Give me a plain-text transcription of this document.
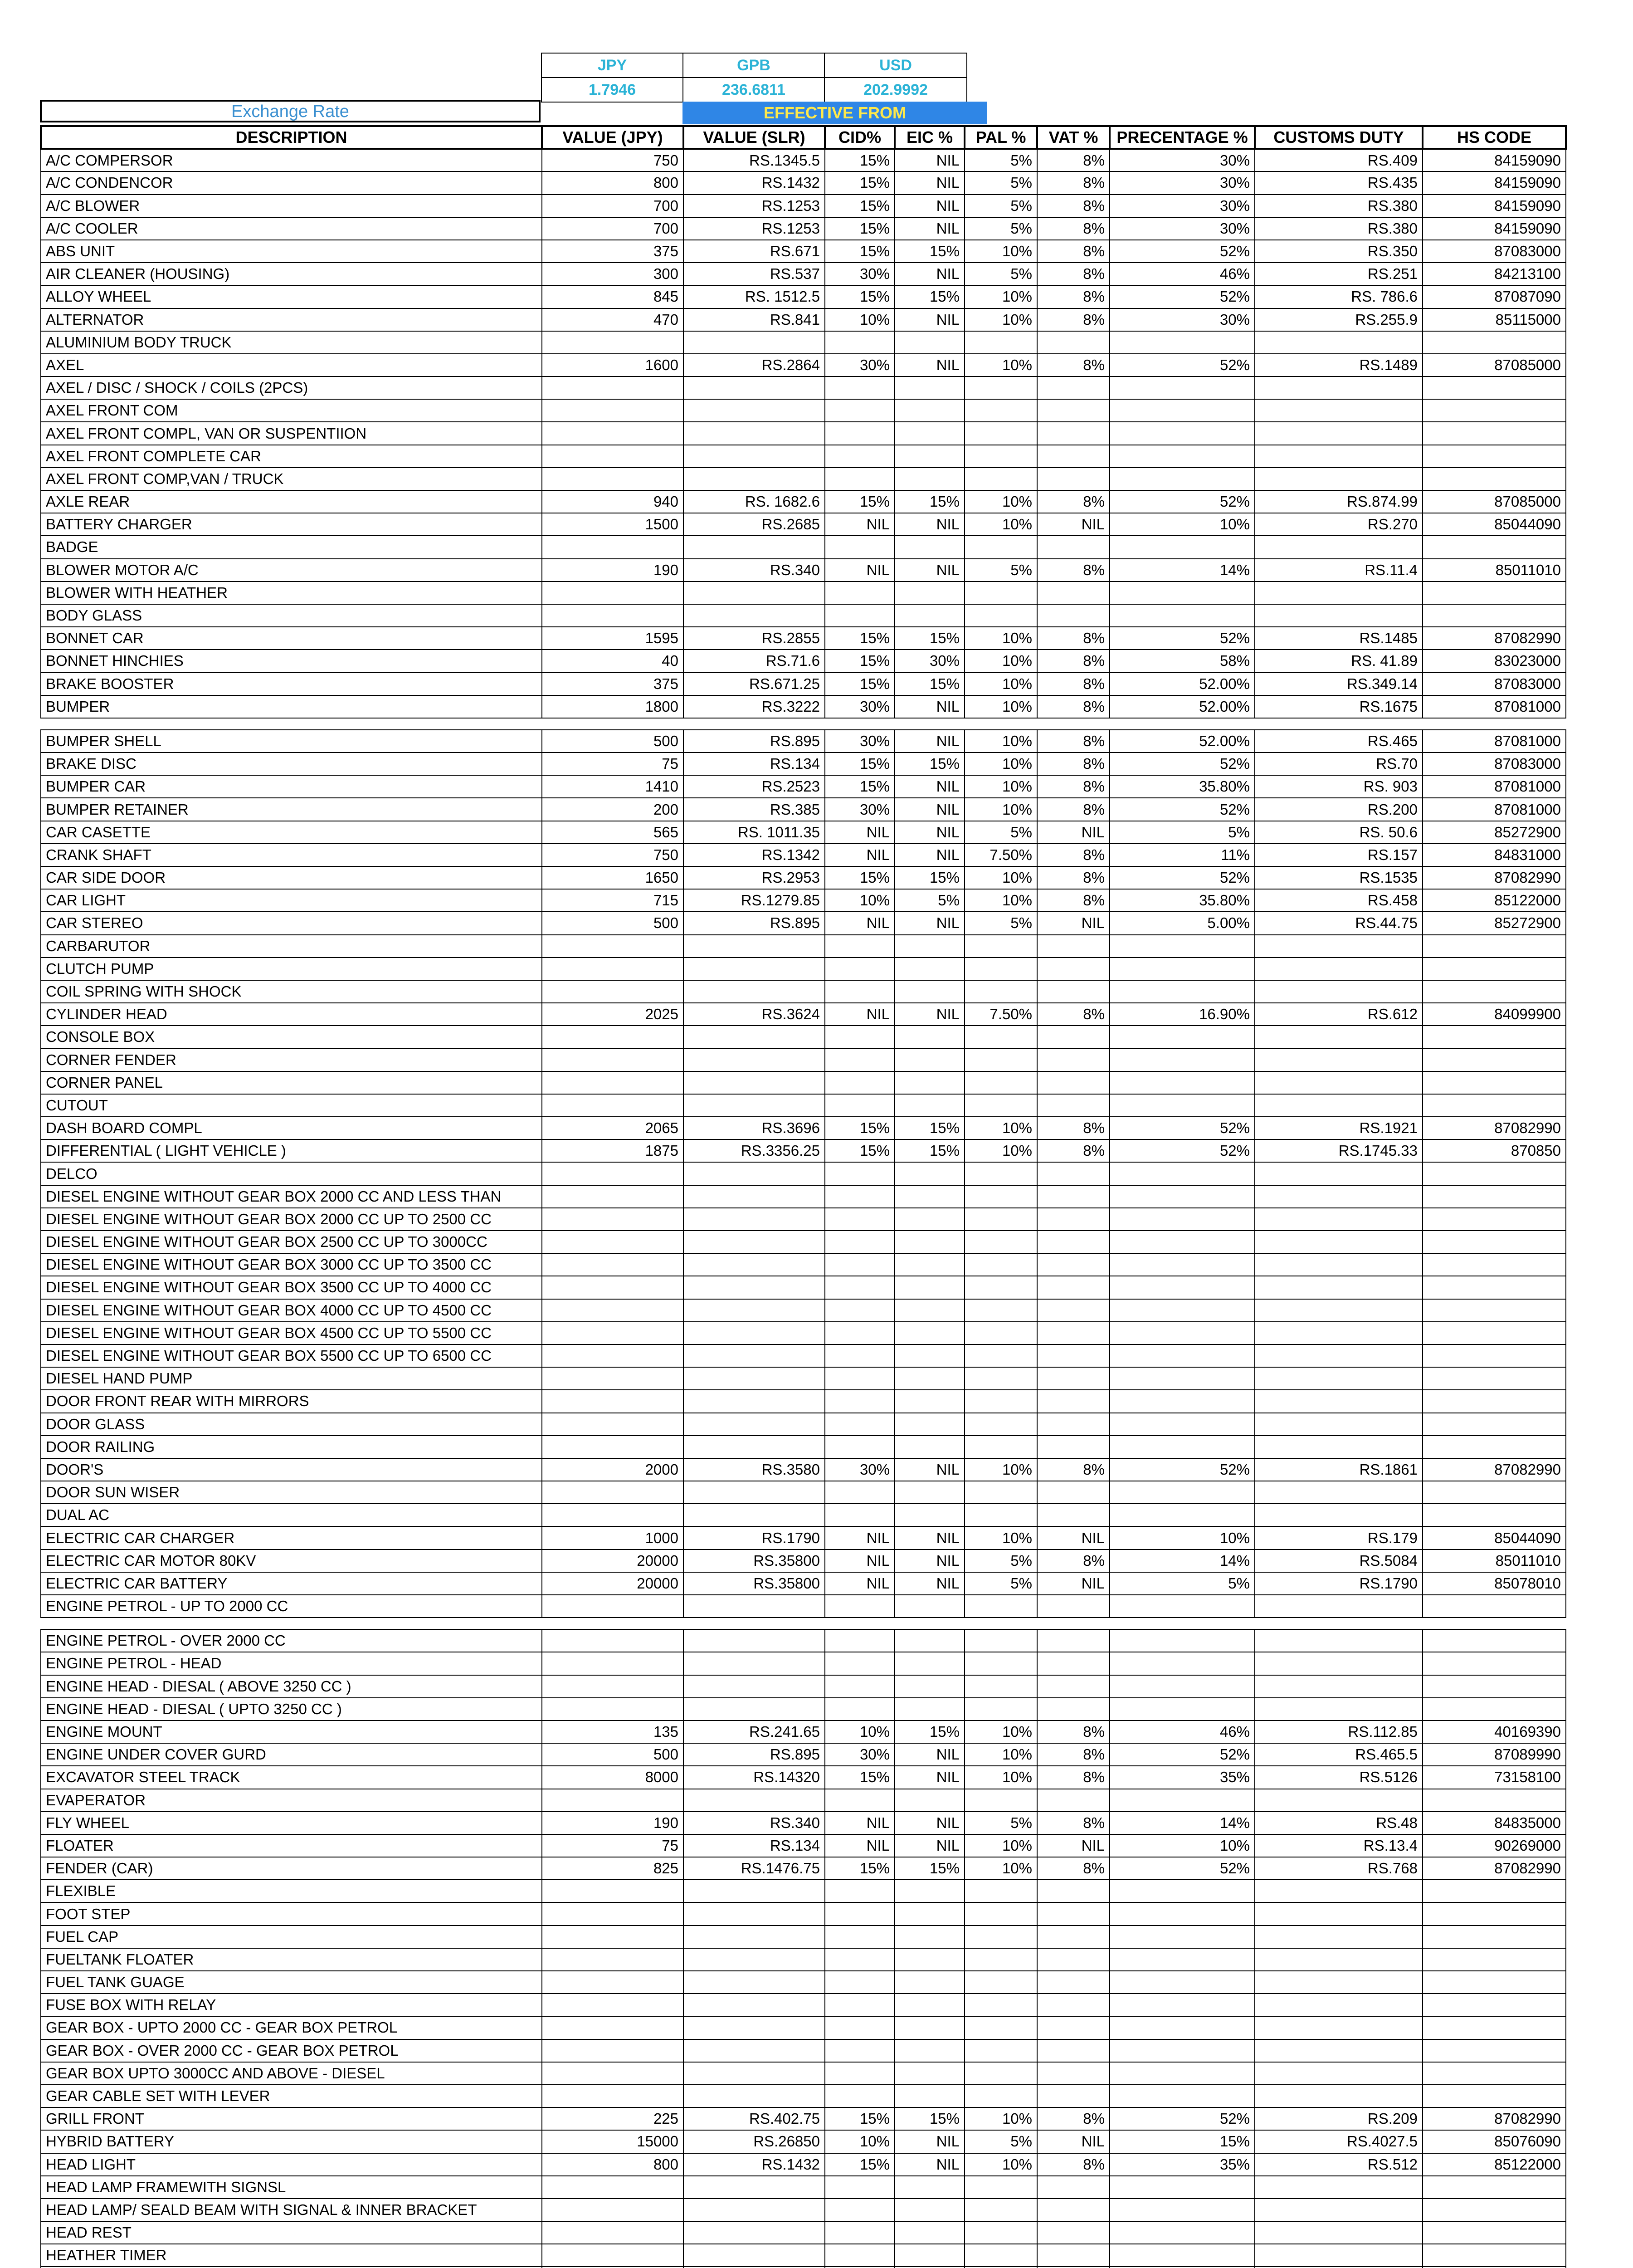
JPY	GPB	USD
1.7946	236.6811	202.9992
Exchange Rate	EFFECTIVE FROM
DESCRIPTION	VALUE (JPY)	VALUE (SLR)	CID%	EIC %	PAL %	VAT %	PRECENTAGE %	CUSTOMS DUTY	HS CODE
A/C COMPERSOR	750	RS.1345.5	15%	NIL	5%	8%	30%	RS.409	84159090
A/C CONDENCOR	800	RS.1432	15%	NIL	5%	8%	30%	RS.435	84159090
A/C BLOWER	700	RS.1253	15%	NIL	5%	8%	30%	RS.380	84159090
A/C COOLER	700	RS.1253	15%	NIL	5%	8%	30%	RS.380	84159090
ABS UNIT	375	RS.671	15%	15%	10%	8%	52%	RS.350	87083000
AIR CLEANER (HOUSING)	300	RS.537	30%	NIL	5%	8%	46%	RS.251	84213100
ALLOY WHEEL	845	RS. 1512.5	15%	15%	10%	8%	52%	RS. 786.6	87087090
ALTERNATOR	470	RS.841	10%	NIL	10%	8%	30%	RS.255.9	85115000
ALUMINIUM BODY TRUCK									
AXEL	1600	RS.2864	30%	NIL	10%	8%	52%	RS.1489	87085000
AXEL / DISC / SHOCK / COILS (2PCS)									
AXEL FRONT COM									
AXEL FRONT COMPL, VAN OR SUSPENTIION									
AXEL FRONT COMPLETE CAR									
AXEL FRONT COMP,VAN / TRUCK									
AXLE REAR	940	RS. 1682.6	15%	15%	10%	8%	52%	RS.874.99	87085000
BATTERY CHARGER	1500	RS.2685	NIL	NIL	10%	NIL	10%	RS.270	85044090
BADGE									
BLOWER MOTOR A/C	190	RS.340	NIL	NIL	5%	8%	14%	RS.11.4	85011010
BLOWER WITH HEATHER									
BODY GLASS									
BONNET CAR	1595	RS.2855	15%	15%	10%	8%	52%	RS.1485	87082990
BONNET HINCHIES	40	RS.71.6	15%	30%	10%	8%	58%	RS. 41.89	83023000
BRAKE BOOSTER	375	RS.671.25	15%	15%	10%	8%	52.00%	RS.349.14	87083000
BUMPER	1800	RS.3222	30%	NIL	10%	8%	52.00%	RS.1675	87081000

BUMPER SHELL	500	RS.895	30%	NIL	10%	8%	52.00%	RS.465	87081000
BRAKE DISC	75	RS.134	15%	15%	10%	8%	52%	RS.70	87083000
BUMPER CAR	1410	RS.2523	15%	NIL	10%	8%	35.80%	RS. 903	87081000
BUMPER RETAINER	200	RS.385	30%	NIL	10%	8%	52%	RS.200	87081000
CAR CASETTE	565	RS. 1011.35	NIL	NIL	5%	NIL	5%	RS. 50.6	85272900
CRANK SHAFT	750	RS.1342	NIL	NIL	7.50%	8%	11%	RS.157	84831000
CAR SIDE DOOR	1650	RS.2953	15%	15%	10%	8%	52%	RS.1535	87082990
CAR LIGHT	715	RS.1279.85	10%	5%	10%	8%	35.80%	RS.458	85122000
CAR STEREO	500	RS.895	NIL	NIL	5%	NIL	5.00%	RS.44.75	85272900
CARBARUTOR									
CLUTCH PUMP									
COIL SPRING WITH SHOCK									
CYLINDER HEAD	2025	RS.3624	NIL	NIL	7.50%	8%	16.90%	RS.612	84099900
CONSOLE BOX									
CORNER FENDER									
CORNER PANEL									
CUTOUT									
DASH BOARD COMPL	2065	RS.3696	15%	15%	10%	8%	52%	RS.1921	87082990
DIFFERENTIAL ( LIGHT VEHICLE )	1875	RS.3356.25	15%	15%	10%	8%	52%	RS.1745.33	870850
DELCO									
DIESEL ENGINE WITHOUT GEAR BOX 2000 CC AND LESS THAN									
DIESEL ENGINE WITHOUT GEAR BOX 2000 CC UP TO 2500 CC									
DIESEL ENGINE WITHOUT GEAR BOX 2500 CC UP TO 3000CC									
DIESEL ENGINE WITHOUT GEAR BOX 3000 CC UP TO 3500 CC									
DIESEL ENGINE WITHOUT GEAR BOX 3500 CC UP TO 4000 CC									
DIESEL ENGINE WITHOUT GEAR BOX 4000 CC UP TO 4500 CC									
DIESEL ENGINE WITHOUT GEAR BOX 4500 CC UP TO 5500 CC									
DIESEL ENGINE WITHOUT GEAR BOX 5500 CC UP TO 6500 CC									
DIESEL HAND PUMP									
DOOR FRONT REAR WITH MIRRORS									
DOOR GLASS									
DOOR RAILING									
DOOR'S	2000	RS.3580	30%	NIL	10%	8%	52%	RS.1861	87082990
DOOR SUN WISER									
DUAL AC									
ELECTRIC CAR CHARGER	1000	RS.1790	NIL	NIL	10%	NIL	10%	RS.179	85044090
ELECTRIC CAR MOTOR 80KV	20000	RS.35800	NIL	NIL	5%	8%	14%	RS.5084	85011010
ELECTRIC CAR BATTERY	20000	RS.35800	NIL	NIL	5%	NIL	5%	RS.1790	85078010
ENGINE PETROL - UP TO 2000 CC									

ENGINE PETROL - OVER 2000 CC									
ENGINE PETROL - HEAD									
ENGINE HEAD - DIESAL ( ABOVE 3250 CC )									
ENGINE HEAD - DIESAL ( UPTO 3250 CC )									
ENGINE MOUNT	135	RS.241.65	10%	15%	10%	8%	46%	RS.112.85	40169390
ENGINE UNDER COVER GURD	500	RS.895	30%	NIL	10%	8%	52%	RS.465.5	87089990
EXCAVATOR STEEL TRACK	8000	RS.14320	15%	NIL	10%	8%	35%	RS.5126	73158100
EVAPERATOR									
FLY WHEEL	190	RS.340	NIL	NIL	5%	8%	14%	RS.48	84835000
FLOATER	75	RS.134	NIL	NIL	10%	NIL	10%	RS.13.4	90269000
FENDER (CAR)	825	RS.1476.75	15%	15%	10%	8%	52%	RS.768	87082990
FLEXIBLE									
FOOT STEP									
FUEL CAP									
FUELTANK FLOATER									
FUEL TANK GUAGE									
FUSE BOX WITH RELAY									
GEAR BOX - UPTO 2000 CC - GEAR BOX PETROL									
GEAR BOX - OVER 2000 CC - GEAR BOX PETROL									
GEAR BOX UPTO 3000CC AND ABOVE - DIESEL									
GEAR CABLE SET WITH LEVER									
GRILL FRONT	225	RS.402.75	15%	15%	10%	8%	52%	RS.209	87082990
HYBRID BATTERY	15000	RS.26850	10%	NIL	5%	NIL	15%	RS.4027.5	85076090
HEAD LIGHT	800	RS.1432	15%	NIL	10%	8%	35%	RS.512	85122000
HEAD LAMP FRAMEWITH SIGNSL									
HEAD LAMP/ SEALD BEAM WITH SIGNAL & INNER BRACKET									
HEAD REST									
HEATHER TIMER									
